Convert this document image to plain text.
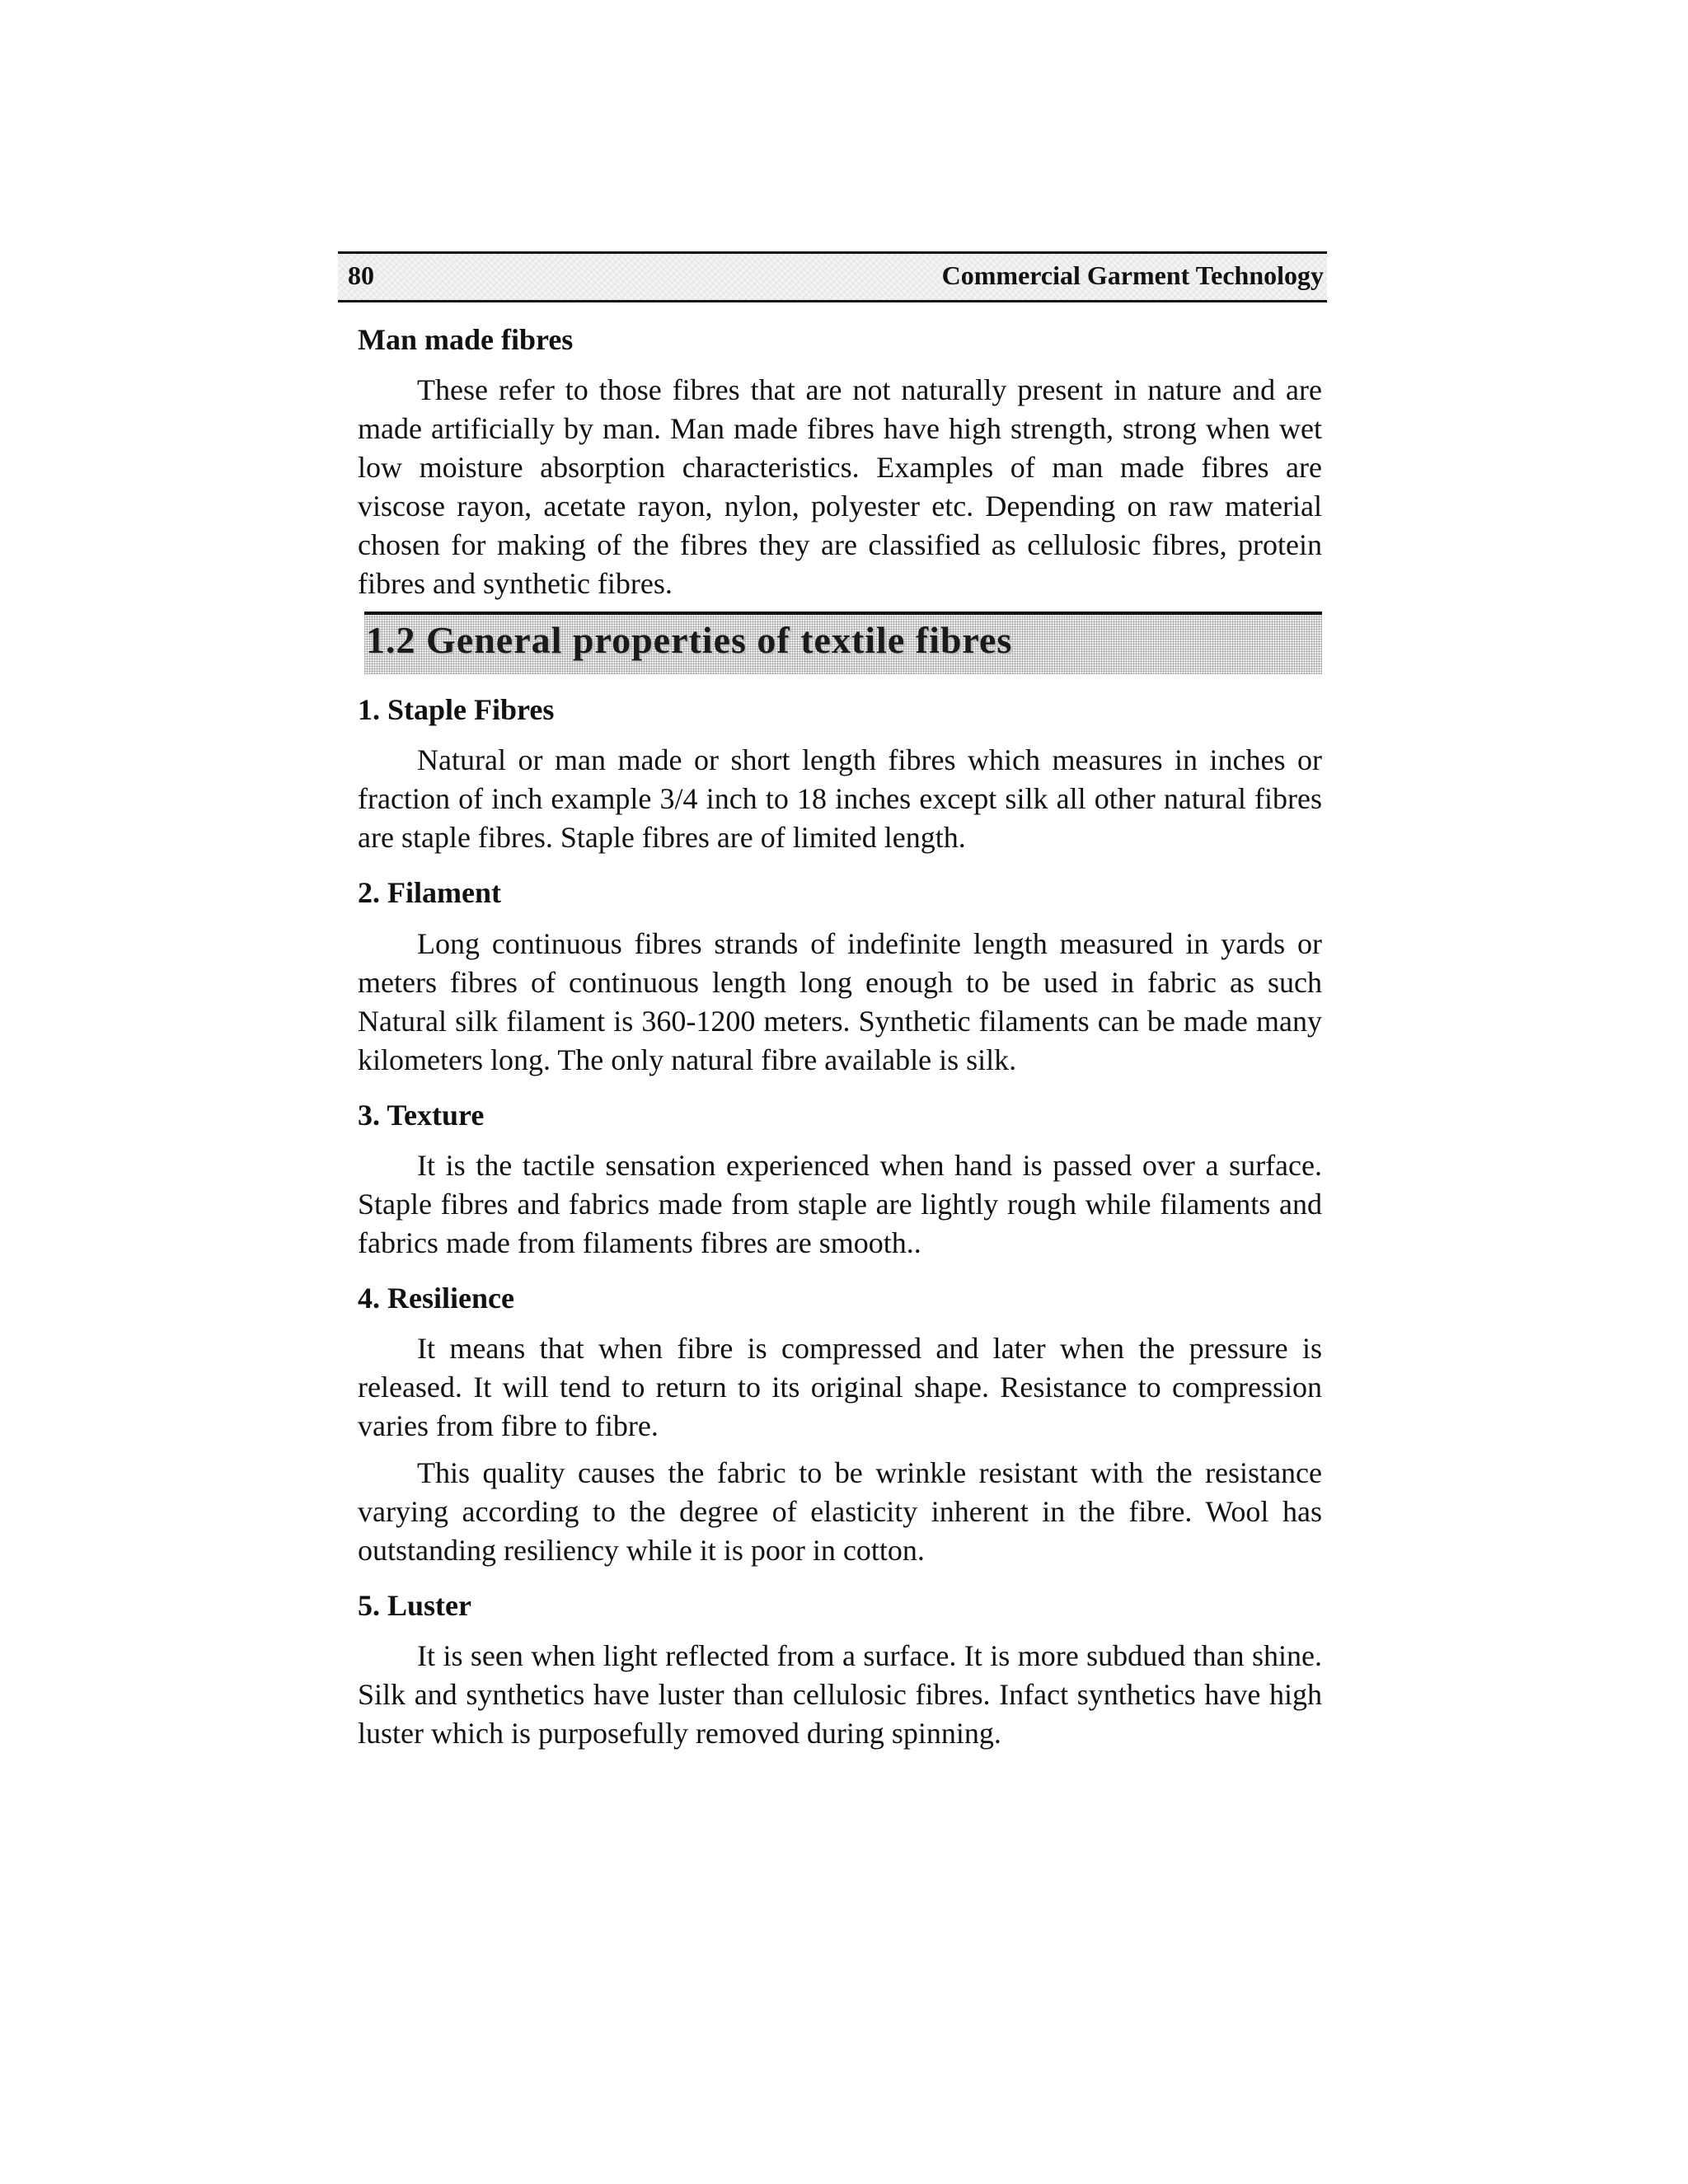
80	Commercial Garment Technology
Man made fibres

These refer to those fibres that are not naturally present in nature and are made artificially by man. Man made fibres have high strength, strong when wet low moisture absorption characteristics. Examples of man made fibres are viscose rayon, acetate rayon, nylon, polyester etc. Depending on raw material chosen for making of the fibres they are classified as cellulosic fibres, protein fibres and synthetic fibres.

1.2 General properties of textile fibres
1. Staple Fibres

Natural or man made or short length fibres which measures in inches or fraction of inch example 3/4 inch to 18 inches except silk all other natural fibres are staple fibres. Staple fibres are of limited length.

2. Filament

Long continuous fibres strands of indefinite length measured in yards or meters fibres of continuous length long enough to be used in fabric as such Natural silk filament is 360-1200 meters. Synthetic filaments can be made many kilometers long. The only natural fibre available is silk.

3. Texture

It is the tactile sensation experienced when hand is passed over a surface. Staple fibres and fabrics made from staple are lightly rough while filaments and fabrics made from filaments fibres are smooth..

4. Resilience

It means that when fibre is compressed and later when the pressure is released. It will tend to return to its original shape. Resistance to compression varies from fibre to fibre.

This quality causes the fabric to be wrinkle resistant with the resistance varying according to the degree of elasticity inherent in the fibre. Wool has outstanding resiliency while it is poor in cotton.

5. Luster

It is seen when light reflected from a surface. It is more subdued than shine. Silk and synthetics have luster than cellulosic fibres. Infact synthetics have high luster which is purposefully removed during spinning.
